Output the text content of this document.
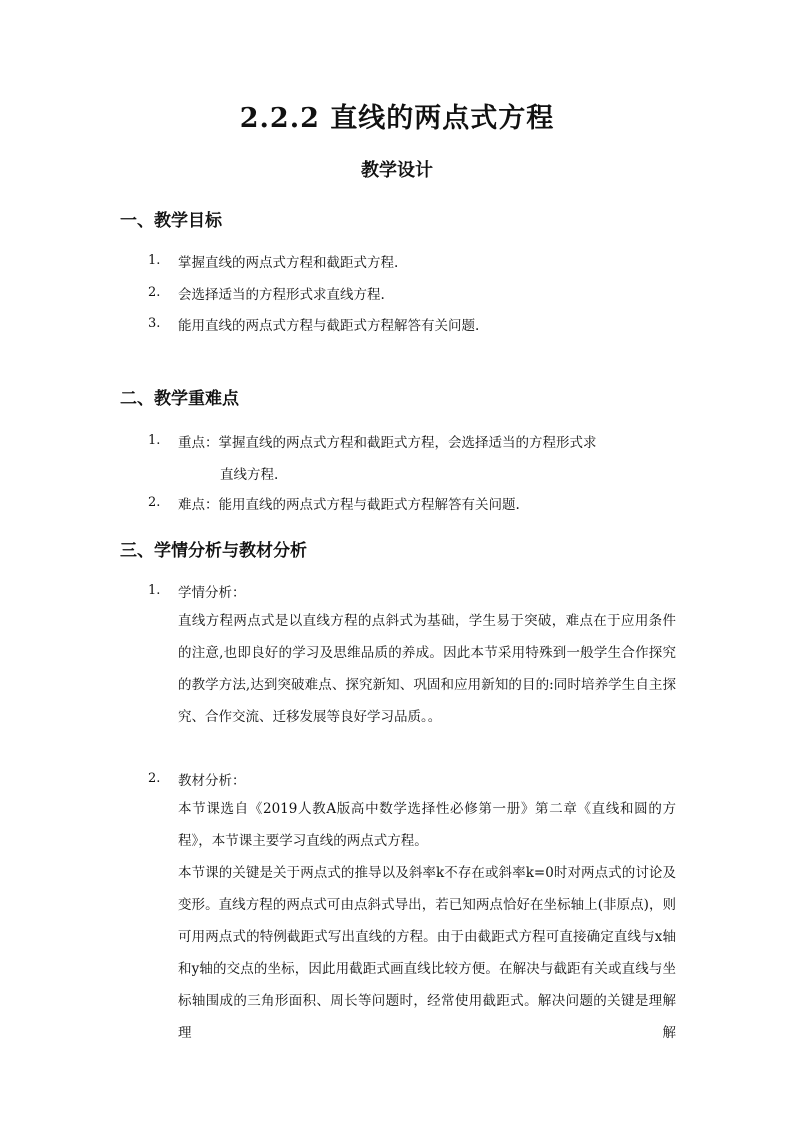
2.2.2 直线的两点式方程
教学设计
一、教学目标
1. 掌握直线的两点式方程和截距式方程.
2. 会选择适当的方程形式求直线方程.
3. 能用直线的两点式方程与截距式方程解答有关问题.
二、教学重难点
1. 重点：掌握直线的两点式方程和截距式方程，会选择适当的方程形式求
直线方程.
2. 难点：能用直线的两点式方程与截距式方程解答有关问题.
三、学情分析与教材分析
1. 学情分析：
直线方程两点式是以直线方程的点斜式为基础，学生易于突破，难点在于应用条件的注意,也即良好的学习及思维品质的养成。因此本节采用特殊到一般学生合作探究的教学方法,达到突破难点、探究新知、巩固和应用新知的目的:同时培养学生自主探究、合作交流、迁移发展等良好学习品质。。
2. 教材分析：
本节课选自《2019人教A版高中数学选择性必修第一册》第二章《直线和圆的方程》，本节课主要学习直线的两点式方程。
本节课的关键是关于两点式的推导以及斜率k不存在或斜率k=0时对两点式的讨论及变形。直线方程的两点式可由点斜式导出，若已知两点恰好在坐标轴上(非原点)，则可用两点式的特例截距式写出直线的方程。由于由截距式方程可直接确定直线与x轴和y轴的交点的坐标，因此用截距式画直线比较方便。在解决与截距有关或直线与坐标轴围成的三角形面积、周长等问题时，经常使用截距式。解决问题的关键是理解理解
